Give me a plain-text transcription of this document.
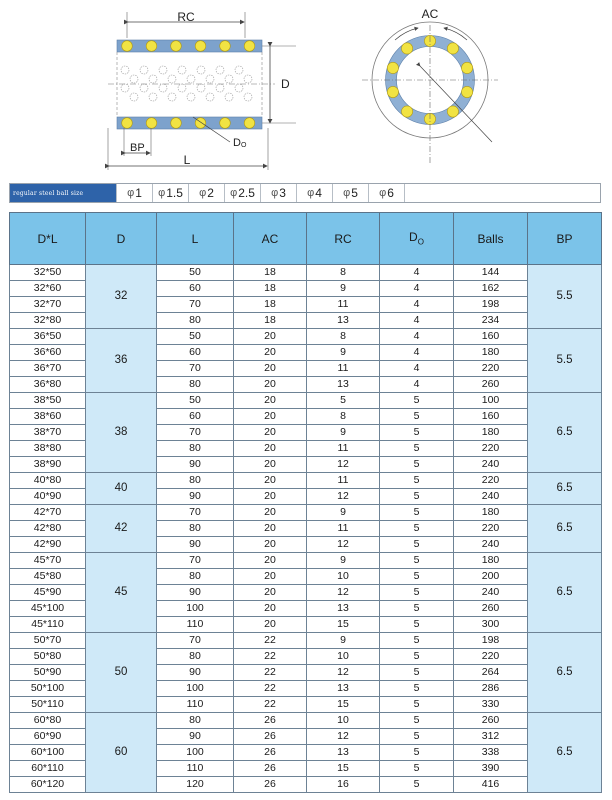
RC
D
BP
L
DO
AC
regular steel ball size	φ 1 φ 1.5 φ 2 φ 2.5 φ 3 φ 4 φ 5 φ 6
D*L	D	L	AC	RC	$D_O$	Balls	BP
32*50	32	50	18	8	4	144	5.5
32*60		60	18	9	4	162	
32*70		70	18	11	4	198	
32*80		80	18	13	4	234	
36*50	36	50	20	8	4	160	5.5
36*60		60	20	9	4	180	
36*70		70	20	11	4	220	
36*80		80	20	13	4	260	
38*50	38	50	20	5	5	100	6.5
38*60		60	20	8	5	160	
38*70		70	20	9	5	180	
38*80		80	20	11	5	220	
38*90		90	20	12	5	240	
40*80	40	80	20	11	5	220	6.5
40*90		90	20	12	5	240	
42*70	42	70	20	9	5	180	6.5
42*80		80	20	11	5	220	
42*90		90	20	12	5	240	
45*70	45	70	20	9	5	180	6.5
45*80		80	20	10	5	200	
45*90		90	20	12	5	240	
45*100		100	20	13	5	260	
45*110		110	20	15	5	300	
50*70	50	70	22	9	5	198	6.5
50*80		80	22	10	5	220	
50*90		90	22	12	5	264	
50*100		100	22	13	5	286	
50*110		110	22	15	5	330	
60*80	60	80	26	10	5	260	6.5
60*90		90	26	12	5	312	
60*100		100	26	13	5	338	
60*110		110	26	15	5	390	
60*120		120	26	16	5	416	
